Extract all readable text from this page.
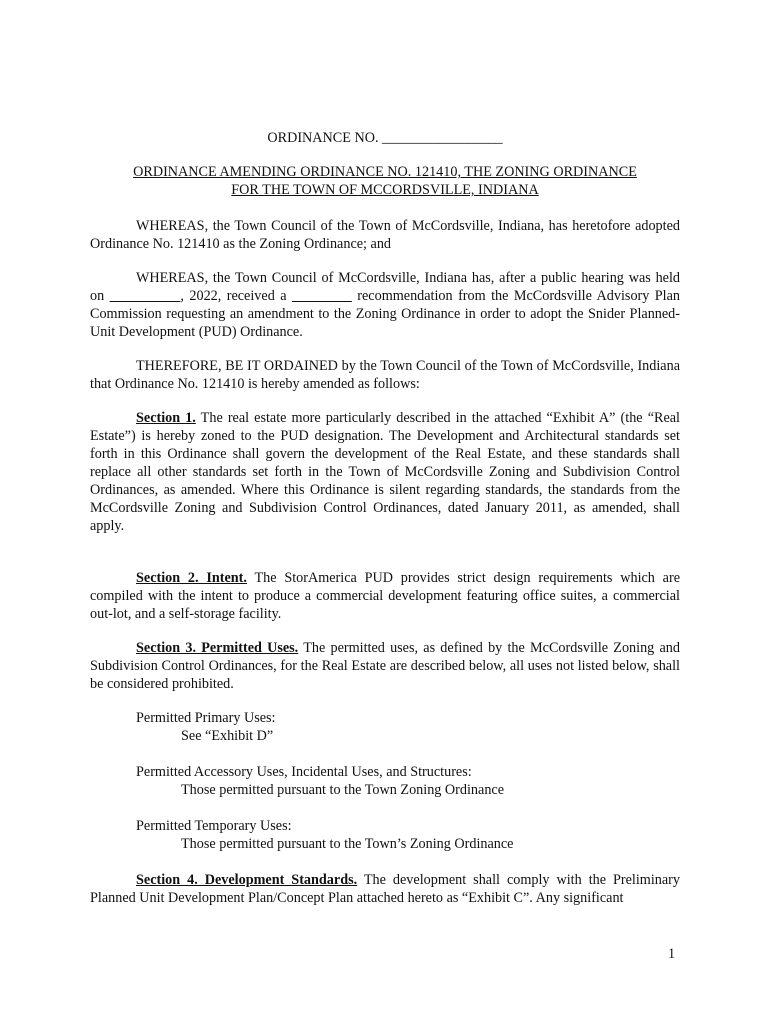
ORDINANCE NO. _________________
ORDINANCE AMENDING ORDINANCE NO. 121410, THE ZONING ORDINANCE
FOR THE TOWN OF MCCORDSVILLE, INDIANA

WHEREAS, the Town Council of the Town of McCordsville, Indiana, has heretofore adopted Ordinance No. 121410 as the Zoning Ordinance; and

WHEREAS, the Town Council of McCordsville, Indiana has, after a public hearing was held on	, 2022, received a	recommendation from the McCordsville Advisory Plan Commission requesting an amendment to the Zoning Ordinance in order to adopt the Snider Planned-Unit Development (PUD) Ordinance.

THEREFORE, BE IT ORDAINED by the Town Council of the Town of McCordsville, Indiana that Ordinance No. 121410 is hereby amended as follows:

Section 1. The real estate more particularly described in the attached “Exhibit A” (the “Real Estate”) is hereby zoned to the PUD designation. The Development and Architectural standards set forth in this Ordinance shall govern the development of the Real Estate, and these standards shall replace all other standards set forth in the Town of McCordsville Zoning and Subdivision Control Ordinances, as amended. Where this Ordinance is silent regarding standards, the standards from the McCordsville Zoning and Subdivision Control Ordinances, dated January 2011, as amended, shall apply.

Section 2. Intent. The StorAmerica PUD provides strict design requirements which are compiled with the intent to produce a commercial development featuring office suites, a commercial out-lot, and a self-storage facility.

Section 3. Permitted Uses. The permitted uses, as defined by the McCordsville Zoning and Subdivision Control Ordinances, for the Real Estate are described below, all uses not listed below, shall be considered prohibited.

Permitted Primary Uses:
See “Exhibit D”
Permitted Accessory Uses, Incidental Uses, and Structures:
Those permitted pursuant to the Town Zoning Ordinance
Permitted Temporary Uses:
Those permitted pursuant to the Town’s Zoning Ordinance

Section 4. Development Standards. The development shall comply with the Preliminary Planned Unit Development Plan/Concept Plan attached hereto as “Exhibit C”. Any significant

1
